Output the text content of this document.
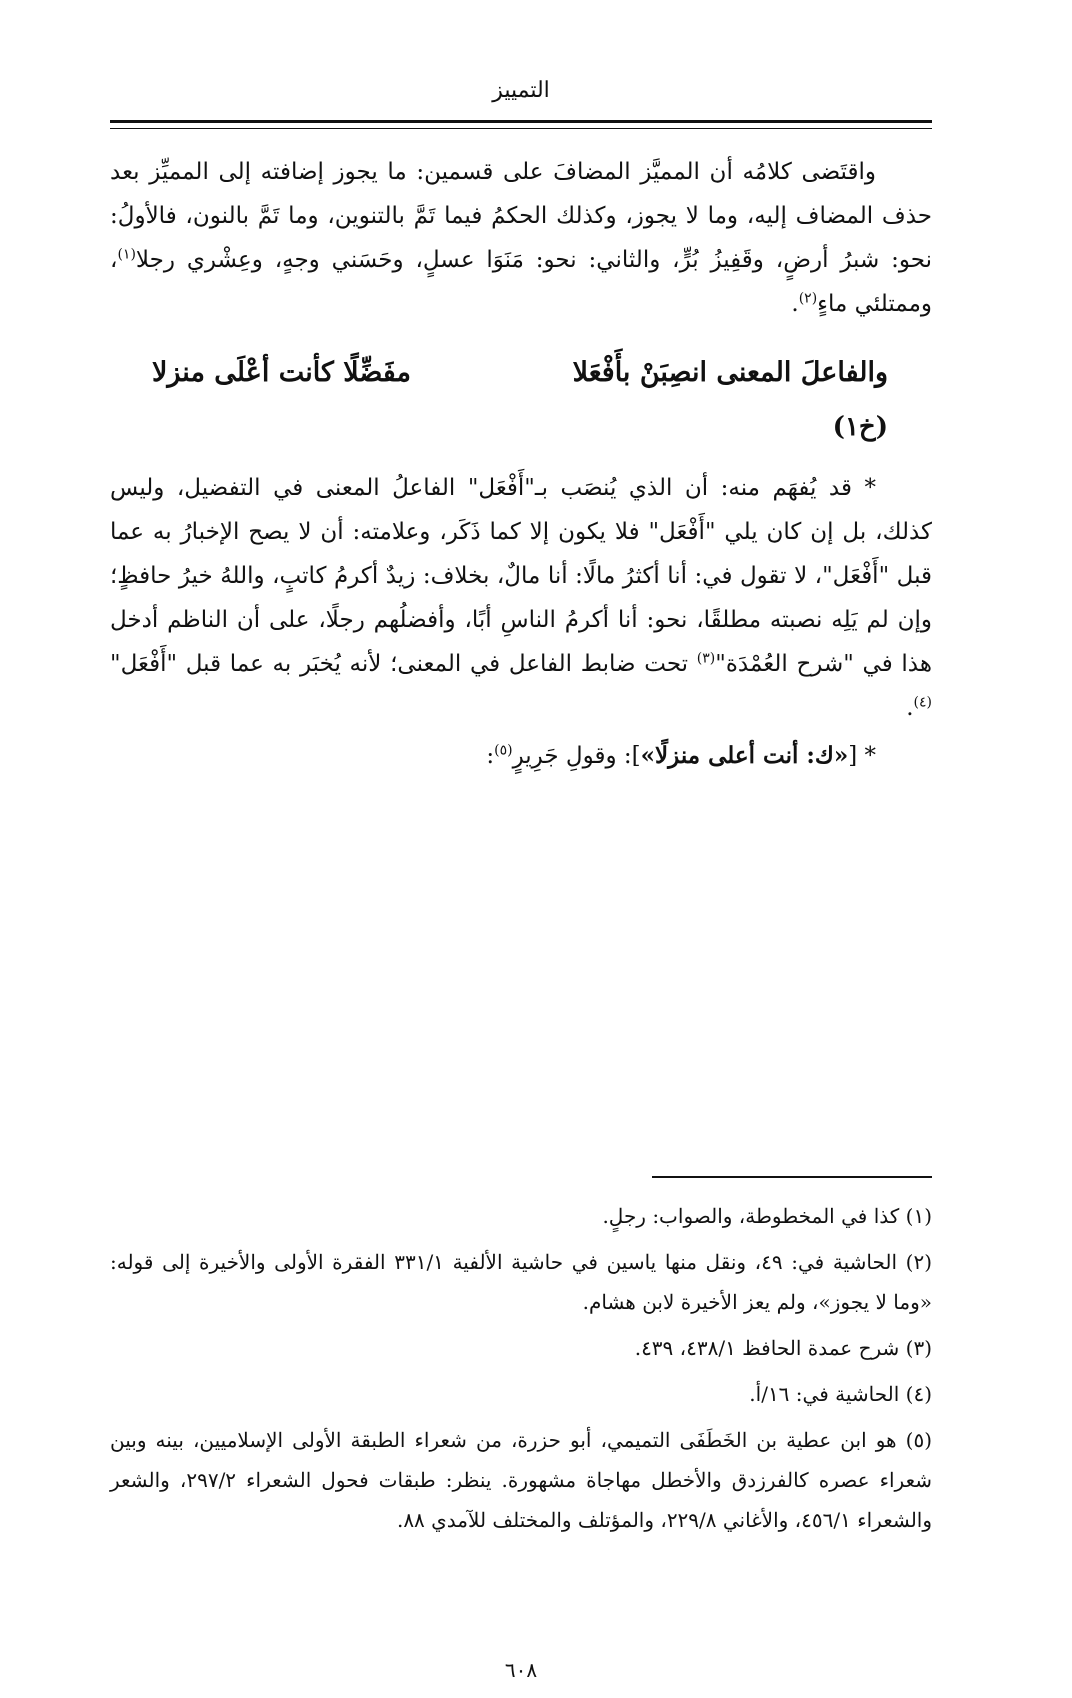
التمييز

واقتَضى كلامُه أن المميَّز المضافَ على قسمين: ما يجوز إضافته إلى المميِّز بعد حذف المضاف إليه، وما لا يجوز، وكذلك الحكمُ فيما تَمَّ بالتنوين، وما تَمَّ بالنون، فالأولُ: نحو: شبرُ أرضٍ، وقَفِيزُ بُرٍّ، والثاني: نحو: مَنَوَا عسلٍ، وحَسَني وجهٍ، وعِشْري رجلا$^{(١)}$، وممتلئي ماءٍ$^{(٢)}$.

والفاعلَ المعنى انصِبَنْ بأَفْعَلا
مفَضِّلًا كأنت أعْلَى منزلا
(خ١)

* قد يُفهَم منه: أن الذي يُنصَب بـ"أَفْعَل" الفاعلُ المعنى في التفضيل، وليس كذلك، بل إن كان يلي "أَفْعَل" فلا يكون إلا كما ذَكَر، وعلامته: أن لا يصح الإخبارُ به عما قبل "أَفْعَل"، لا تقول في: أنا أكثرُ مالًا: أنا مالٌ، بخلاف: زيدٌ أكرمُ كاتبٍ، واللهُ خيرُ حافظٍ؛ وإن لم يَلِه نصبته مطلقًا، نحو: أنا أكرمُ الناسِ أبًا، وأفضلُهم رجلًا، على أن الناظم أدخل هذا في "شرح العُمْدَة"$^{(٣)}$ تحت ضابط الفاعل في المعنى؛ لأنه يُخبَر به عما قبل "أَفْعَل"$^{(٤)}$.

* [«ك: أنت أعلى منزلًا»]: وقولِ جَرِيرٍ$^{(٥)}$:

(١) كذا في المخطوطة، والصواب: رجلٍ.

(٢) الحاشية في: ٤٩، ونقل منها ياسين في حاشية الألفية ٣٣١/١ الفقرة الأولى والأخيرة إلى قوله: «وما لا يجوز»، ولم يعز الأخيرة لابن هشام.

(٣) شرح عمدة الحافظ ٤٣٨/١، ٤٣٩.

(٤) الحاشية في: ١٦/أ.

(٥) هو ابن عطية بن الخَطَفَى التميمي، أبو حزرة، من شعراء الطبقة الأولى الإسلاميين، بينه وبين شعراء عصره كالفرزدق والأخطل مهاجاة مشهورة. ينظر: طبقات فحول الشعراء ٢٩٧/٢، والشعر والشعراء ٤٥٦/١، والأغاني ٢٢٩/٨، والمؤتلف والمختلف للآمدي ٨٨.

٦٠٨
